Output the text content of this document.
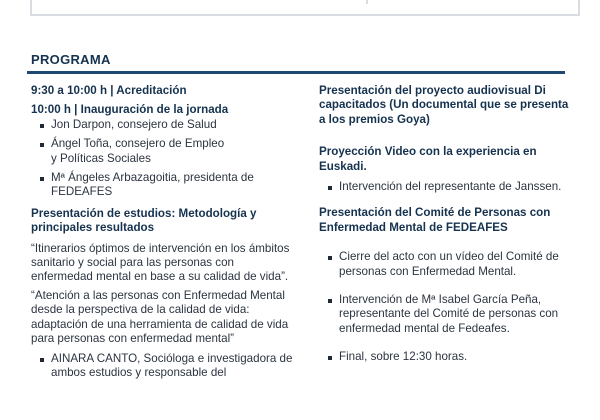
PROGRAMA

9:30 a 10:00 h | Acreditación

10:00 h | Inauguración de la jornada

Jon Darpon, consejero de Salud
Ángel Toña, consejero de Empleo
y Políticas Sociales
Mª Ángeles Arbazagoitia, presidenta de
FEDEAFES

Presentación de estudios: Metodología y principales resultados

“Itinerarios óptimos de intervención en los ámbitos sanitario y social para las personas con enfermedad mental en base a su calidad de vida”.

“Atención a las personas con Enfermedad Mental desde la perspectiva de la calidad de vida: adaptación de una herramienta de calidad de vida para personas con enfermedad mental”

AINARA CANTO, Socióloga e investigadora de ambos estudios y responsable del

Presentación del proyecto audiovisual Di capacitados (Un documental que se presenta a los premios Goya)

Proyección Video con la experiencia en Euskadi.

Intervención del representante de Janssen.

Presentación del Comité de Personas con Enfermedad Mental de FEDEAFES

Cierre del acto con un vídeo del Comité de personas con Enfermedad Mental.
Intervención de Mª Isabel García Peña, representante del Comité de personas con enfermedad mental de Fedeafes.
Final, sobre 12:30 horas.
